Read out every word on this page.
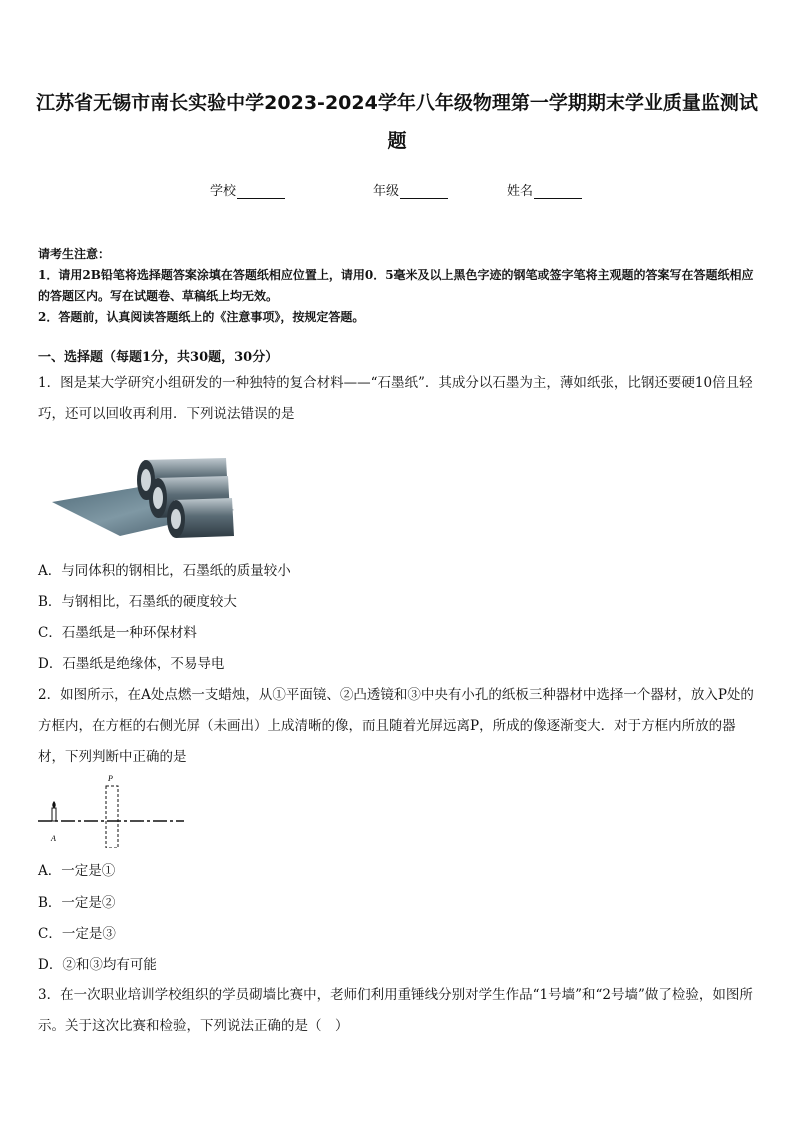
江苏省无锡市南长实验中学2023-2024学年八年级物理第一学期期末学业质量监测试题
学校	年级	姓名

请考生注意：

1．请用2B铅笔将选择题答案涂填在答题纸相应位置上，请用0．5毫米及以上黑色字迹的钢笔或签字笔将主观题的答案写在答题纸相应的答题区内。写在试题卷、草稿纸上均无效。

2．答题前，认真阅读答题纸上的《注意事项》，按规定答题。

一、选择题（每题1分，共30题，30分）

1．图是某大学研究小组研发的一种独特的复合材料——“石墨纸”．其成分以石墨为主，薄如纸张，比钢还要硬10倍且轻巧，还可以回收再利用．下列说法错误的是

A．与同体积的钢相比，石墨纸的质量较小
B．与钢相比，石墨纸的硬度较大
C．石墨纸是一种环保材料
D．石墨纸是绝缘体，不易导电

2．如图所示，在A处点燃一支蜡烛，从①平面镜、②凸透镜和③中央有小孔的纸板三种器材中选择一个器材，放入P处的方框内，在方框的右侧光屏（未画出）上成清晰的像，而且随着光屏远离P，所成的像逐渐变大．对于方框内所放的器材，下列判断中正确的是

A
P
A．一定是①
B．一定是②
C．一定是③
D．②和③均有可能

3．在一次职业培训学校组织的学员砌墙比赛中，老师们利用重锤线分别对学生作品“1号墙”和“2号墙”做了检验，如图所示。关于这次比赛和检验，下列说法正确的是（　）
